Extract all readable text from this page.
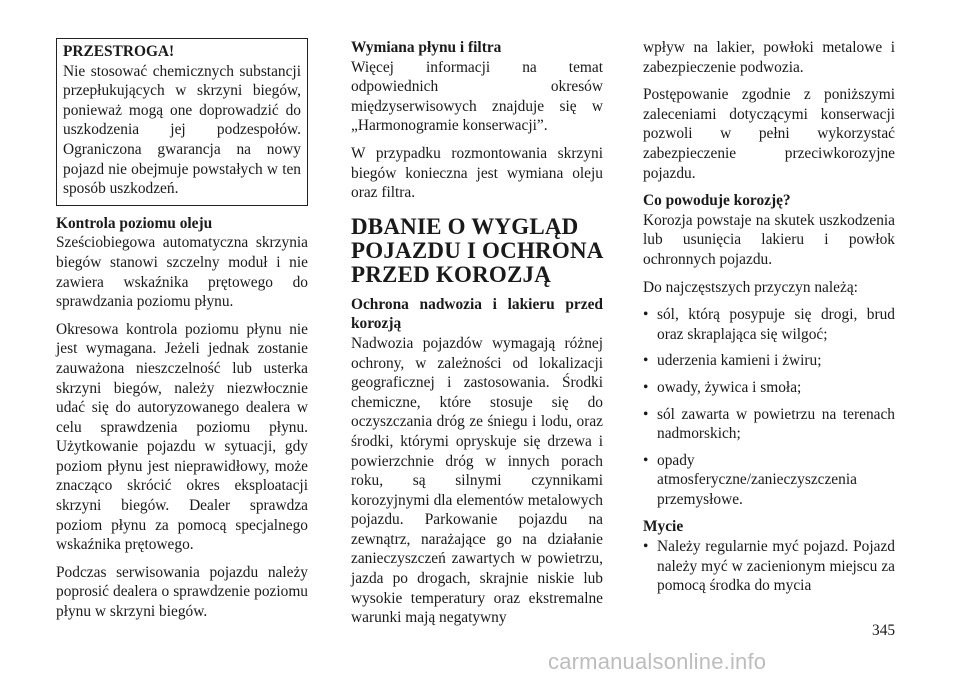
PRZESTROGA!

Nie stosować chemicznych substancji przepłukujących w skrzyni biegów, ponieważ mogą one doprowadzić do uszkodzenia jej podzespołów. Ograniczona gwarancja na nowy pojazd nie obejmuje powstałych w ten sposób uszkodzeń.

Kontrola poziomu oleju

Sześciobiegowa automatyczna skrzynia biegów stanowi szczelny moduł i nie zawiera wskaźnika prętowego do sprawdzania poziomu płynu.

Okresowa kontrola poziomu płynu nie jest wymagana. Jeżeli jednak zostanie zauważona nieszczelność lub usterka skrzyni biegów, należy niezwłocznie udać się do autoryzowanego dealera w celu sprawdzenia poziomu płynu. Użytkowanie pojazdu w sytuacji, gdy poziom płynu jest nieprawidłowy, może znacząco skrócić okres eksploatacji skrzyni biegów. Dealer sprawdza poziom płynu za pomocą specjalnego wskaźnika prętowego.

Podczas serwisowania pojazdu należy poprosić dealera o sprawdzenie poziomu płynu w skrzyni biegów.

Wymiana płynu i filtra

Więcej informacji na temat odpowiednich okresów międzyserwisowych znajduje się w „Harmonogramie konserwacji”.

W przypadku rozmontowania skrzyni biegów konieczna jest wymiana oleju oraz filtra.

DBANIE O WYGLĄD POJAZDU I OCHRONA PRZED KOROZJĄ

Ochrona nadwozia i lakieru przed korozją

Nadwozia pojazdów wymagają różnej ochrony, w zależności od lokalizacji geograficznej i zastosowania. Środki chemiczne, które stosuje się do oczyszczania dróg ze śniegu i lodu, oraz środki, którymi opryskuje się drzewa i powierzchnie dróg w innych porach roku, są silnymi czynnikami korozyjnymi dla elementów metalowych pojazdu. Parkowanie pojazdu na zewnątrz, narażające go na działanie zanieczyszczeń zawartych w powietrzu, jazda po drogach, skrajnie niskie lub wysokie temperatury oraz ekstremalne warunki mają negatywny

wpływ na lakier, powłoki metalowe i zabezpieczenie podwozia.

Postępowanie zgodnie z poniższymi zaleceniami dotyczącymi konserwacji pozwoli w pełni wykorzystać zabezpieczenie przeciwkorozyjne pojazdu.

Co powoduje korozję?

Korozja powstaje na skutek uszkodzenia lub usunięcia lakieru i powłok ochronnych pojazdu.

Do najczęstszych przyczyn należą:

• sól, którą posypuje się drogi, brud oraz skraplająca się wilgoć;
• uderzenia kamieni i żwiru;
• owady, żywica i smoła;
• sól zawarta w powietrzu na terenach nadmorskich;
• opady atmosferyczne/zanieczyszczenia przemysłowe.

Mycie

• Należy regularnie myć pojazd. Pojazd należy myć w zacienionym miejscu za pomocą środka do mycia
345
carmanualsonline.info
